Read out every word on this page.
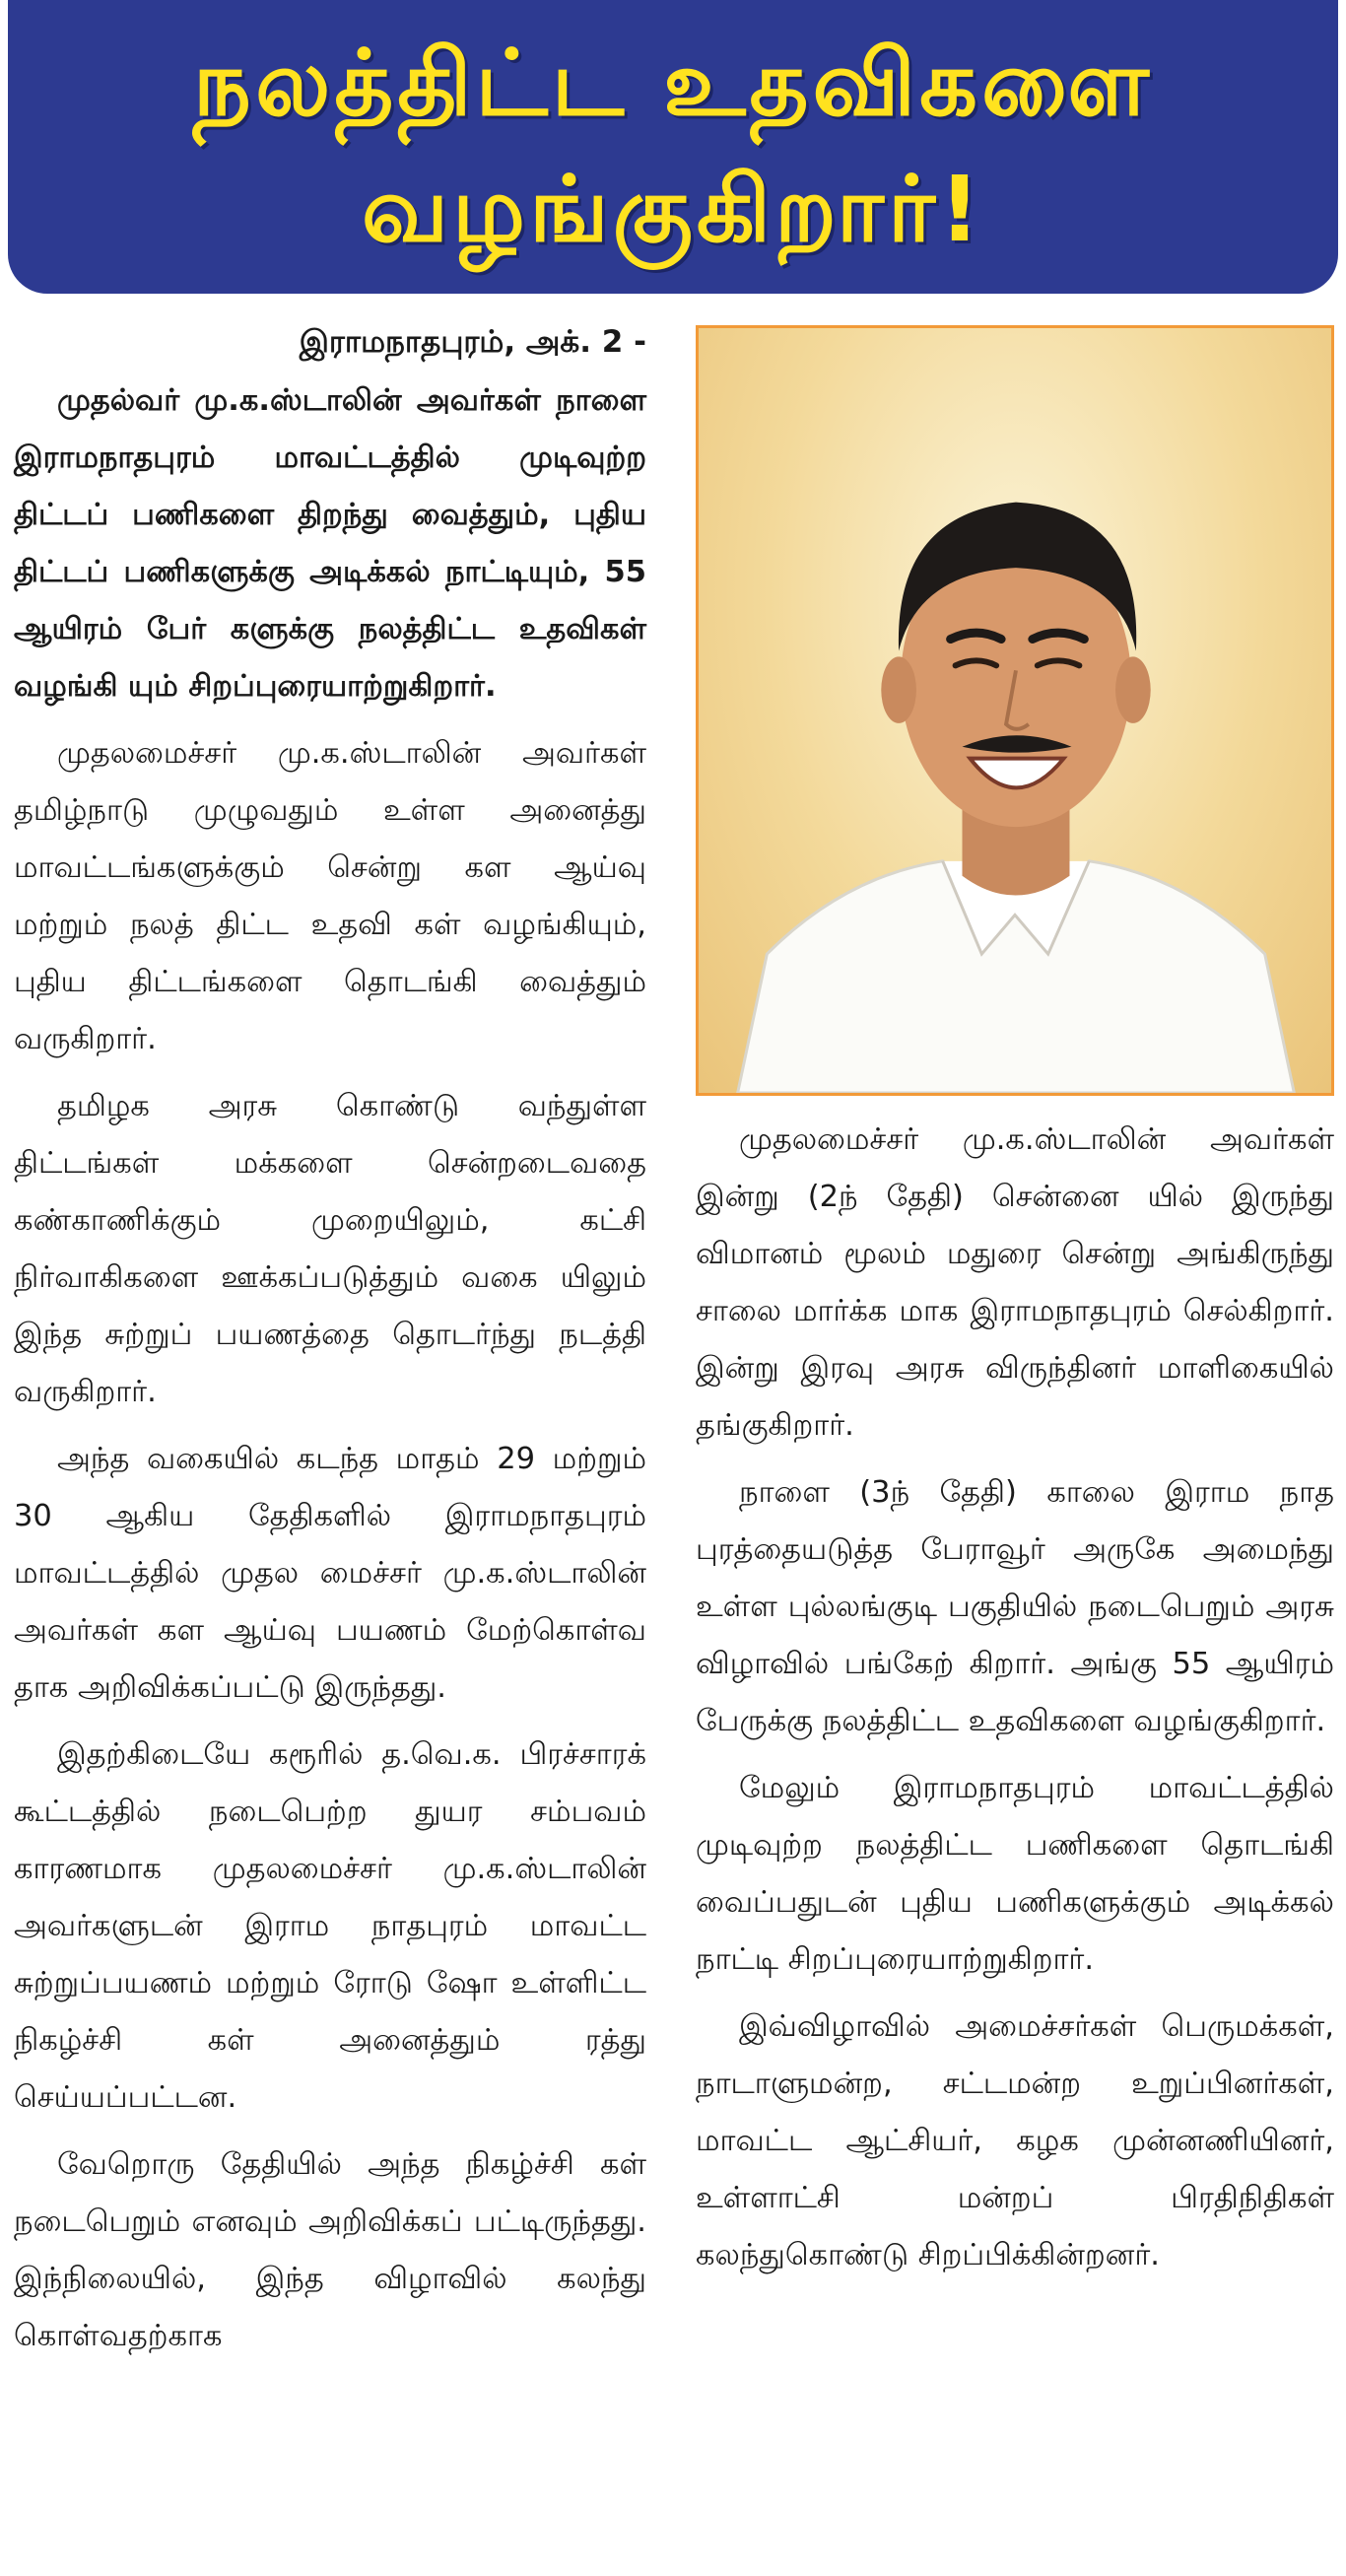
நலத்திட்ட உதவிகளை
வழங்குகிறார்!
இராமநாதபுரம், அக். 2 -

முதல்வர் மு.க.ஸ்டாலின் அவர்கள் நாளை இராமநாதபுரம் மாவட்டத்தில் முடிவுற்ற திட்டப் பணிகளை திறந்து வைத்தும், புதிய திட்டப் பணிகளுக்கு அடிக்கல் நாட்டியும், 55 ஆயிரம் பேர் களுக்கு நலத்திட்ட உதவிகள் வழங்கி யும் சிறப்புரையாற்றுகிறார்.

முதலமைச்சர் மு.க.ஸ்டாலின் அவர்கள் தமிழ்நாடு முழுவதும் உள்ள அனைத்து மாவட்டங்களுக்கும் சென்று கள ஆய்வு மற்றும் நலத் திட்ட உதவி கள் வழங்கியும், புதிய திட்டங்களை தொடங்கி வைத்தும் வருகிறார்.

தமிழக அரசு கொண்டு வந்துள்ள திட்டங்கள் மக்களை சென்றடைவதை கண்காணிக்கும் முறையிலும், கட்சி நிர்வாகிகளை ஊக்கப்படுத்தும் வகை யிலும் இந்த சுற்றுப் பயணத்தை தொடர்ந்து நடத்தி வருகிறார்.

அந்த வகையில் கடந்த மாதம் 29 மற்றும் 30 ஆகிய தேதிகளில் இராமநாதபுரம் மாவட்டத்தில் முதல மைச்சர் மு.க.ஸ்டாலின் அவர்கள் கள ஆய்வு பயணம் மேற்கொள்வ தாக அறிவிக்கப்பட்டு இருந்தது.

இதற்கிடையே கரூரில் த.வெ.க. பிரச்சாரக் கூட்டத்தில் நடைபெற்ற துயர சம்பவம் காரணமாக முதலமைச்சர் மு.க.ஸ்டாலின் அவர்களுடன் இராம நாதபுரம் மாவட்ட சுற்றுப்பயணம் மற்றும் ரோடு ஷோ உள்ளிட்ட நிகழ்ச்சி கள் அனைத்தும் ரத்து செய்யப்பட்டன.

வேறொரு தேதியில் அந்த நிகழ்ச்சி கள் நடைபெறும் எனவும் அறிவிக்கப் பட்டிருந்தது. இந்நிலையில், இந்த விழாவில் கலந்து கொள்வதற்காக

முதலமைச்சர் மு.க.ஸ்டாலின் அவர்கள் இன்று (2ந் தேதி) சென்னை யில் இருந்து விமானம் மூலம் மதுரை சென்று அங்கிருந்து சாலை மார்க்க மாக இராமநாதபுரம் செல்கிறார். இன்று இரவு அரசு விருந்தினர் மாளிகையில் தங்குகிறார்.

நாளை (3ந் தேதி) காலை இராம நாத புரத்தையடுத்த பேராவூர் அருகே அமைந்து உள்ள புல்லங்குடி பகுதியில் நடைபெறும் அரசு விழாவில் பங்கேற் கிறார். அங்கு 55 ஆயிரம் பேருக்கு நலத்திட்ட உதவிகளை வழங்குகிறார்.

மேலும் இராமநாதபுரம் மாவட்டத்தில் முடிவுற்ற நலத்திட்ட பணிகளை தொடங்கி வைப்பதுடன் புதிய பணிகளுக்கும் அடிக்கல் நாட்டி சிறப்புரையாற்றுகிறார்.

இவ்விழாவில் அமைச்சர்கள் பெருமக்கள், நாடாளுமன்ற, சட்டமன்ற உறுப்பினர்கள், மாவட்ட ஆட்சியர், கழக முன்னணியினர், உள்ளாட்சி மன்றப் பிரதிநிதிகள் கலந்துகொண்டு சிறப்பிக்கின்றனர்.
